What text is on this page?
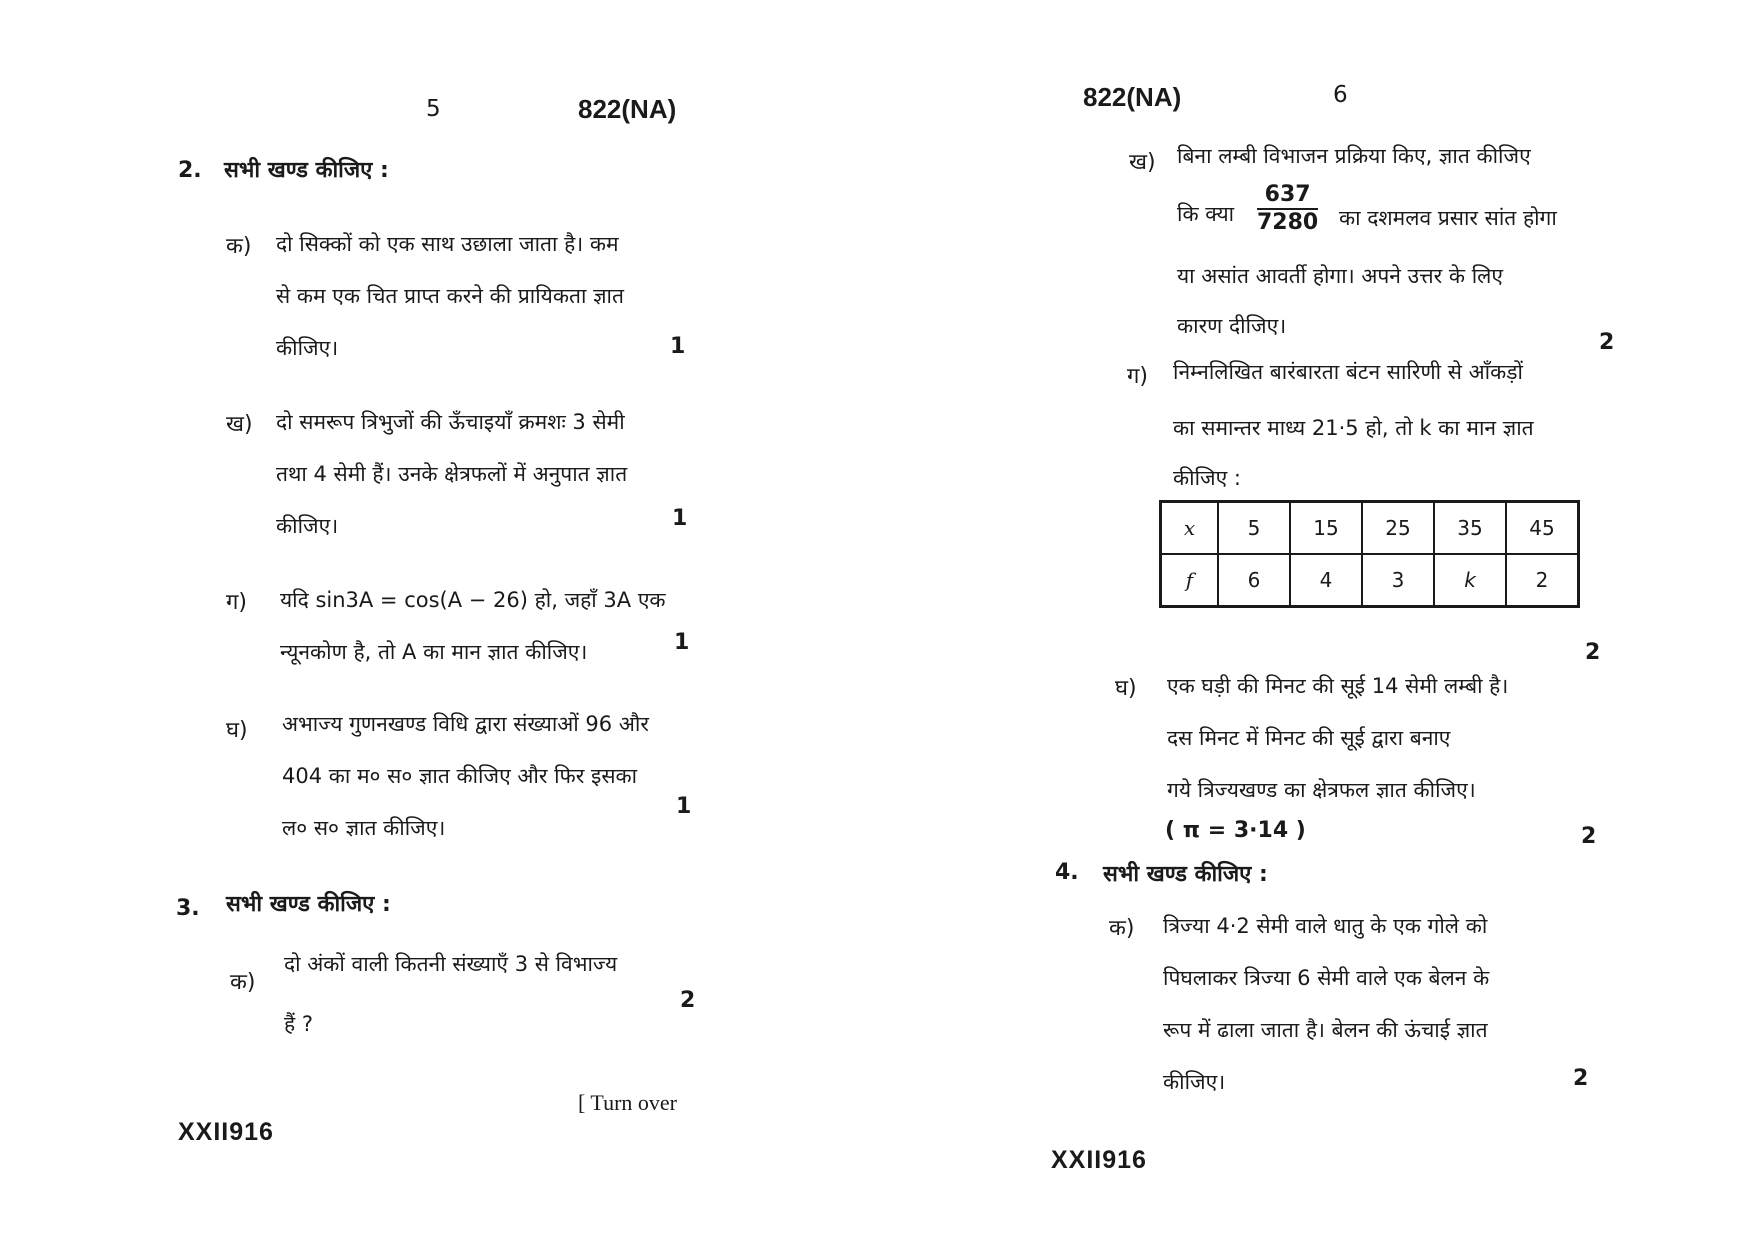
5	822(NA)
2. सभी खण्ड कीजिए :
क) दो सिक्कों को एक साथ उछाला जाता है। कम
से कम एक चित प्राप्त करने की प्रायिकता ज्ञात
कीजिए।	1
ख) दो समरूप त्रिभुजों की ऊँचाइयाँ क्रमशः 3 सेमी
तथा 4 सेमी हैं। उनके क्षेत्रफलों में अनुपात ज्ञात
कीजिए।	1
ग) यदि sin3A = cos(A − 26) हो, जहाँ 3A एक
न्यूनकोण है, तो A का मान ज्ञात कीजिए।	1
घ) अभाज्य गुणनखण्ड विधि द्वारा संख्याओं 96 और
404 का म० स० ज्ञात कीजिए और फिर इसका
ल० स० ज्ञात कीजिए।
1
3. सभी खण्ड कीजिए :
क)
दो अंकों वाली कितनी संख्याएँ 3 से विभाज्य
हैं ?
2
[ Turn over
XXII916
822(NA)	6
ख) बिना लम्बी विभाजन प्रक्रिया किए, ज्ञात कीजिए
कि क्या
637
7280 का दशमलव प्रसार सांत होगा
या असांत आवर्ती होगा। अपने उत्तर के लिए
कारण दीजिए।
2
ग) निम्नलिखित बारंबारता बंटन सारिणी से आँकड़ों
का समान्तर माध्य 21·5 हो, तो k का मान ज्ञात
कीजिए :
x	5	15	25	35	45
f	6	4	3	k	2
2
घ) एक घड़ी की मिनट की सूई 14 सेमी लम्बी है।
दस मिनट में मिनट की सूई द्वारा बनाए
गये त्रिज्यखण्ड का क्षेत्रफल ज्ञात कीजिए।
( π = 3·14 )	2
4. सभी खण्ड कीजिए :
क) त्रिज्या 4·2 सेमी वाले धातु के एक गोले को
पिघलाकर त्रिज्या 6 सेमी वाले एक बेलन के
रूप में ढाला जाता है। बेलन की ऊंचाई ज्ञात
कीजिए।	2
XXII916
